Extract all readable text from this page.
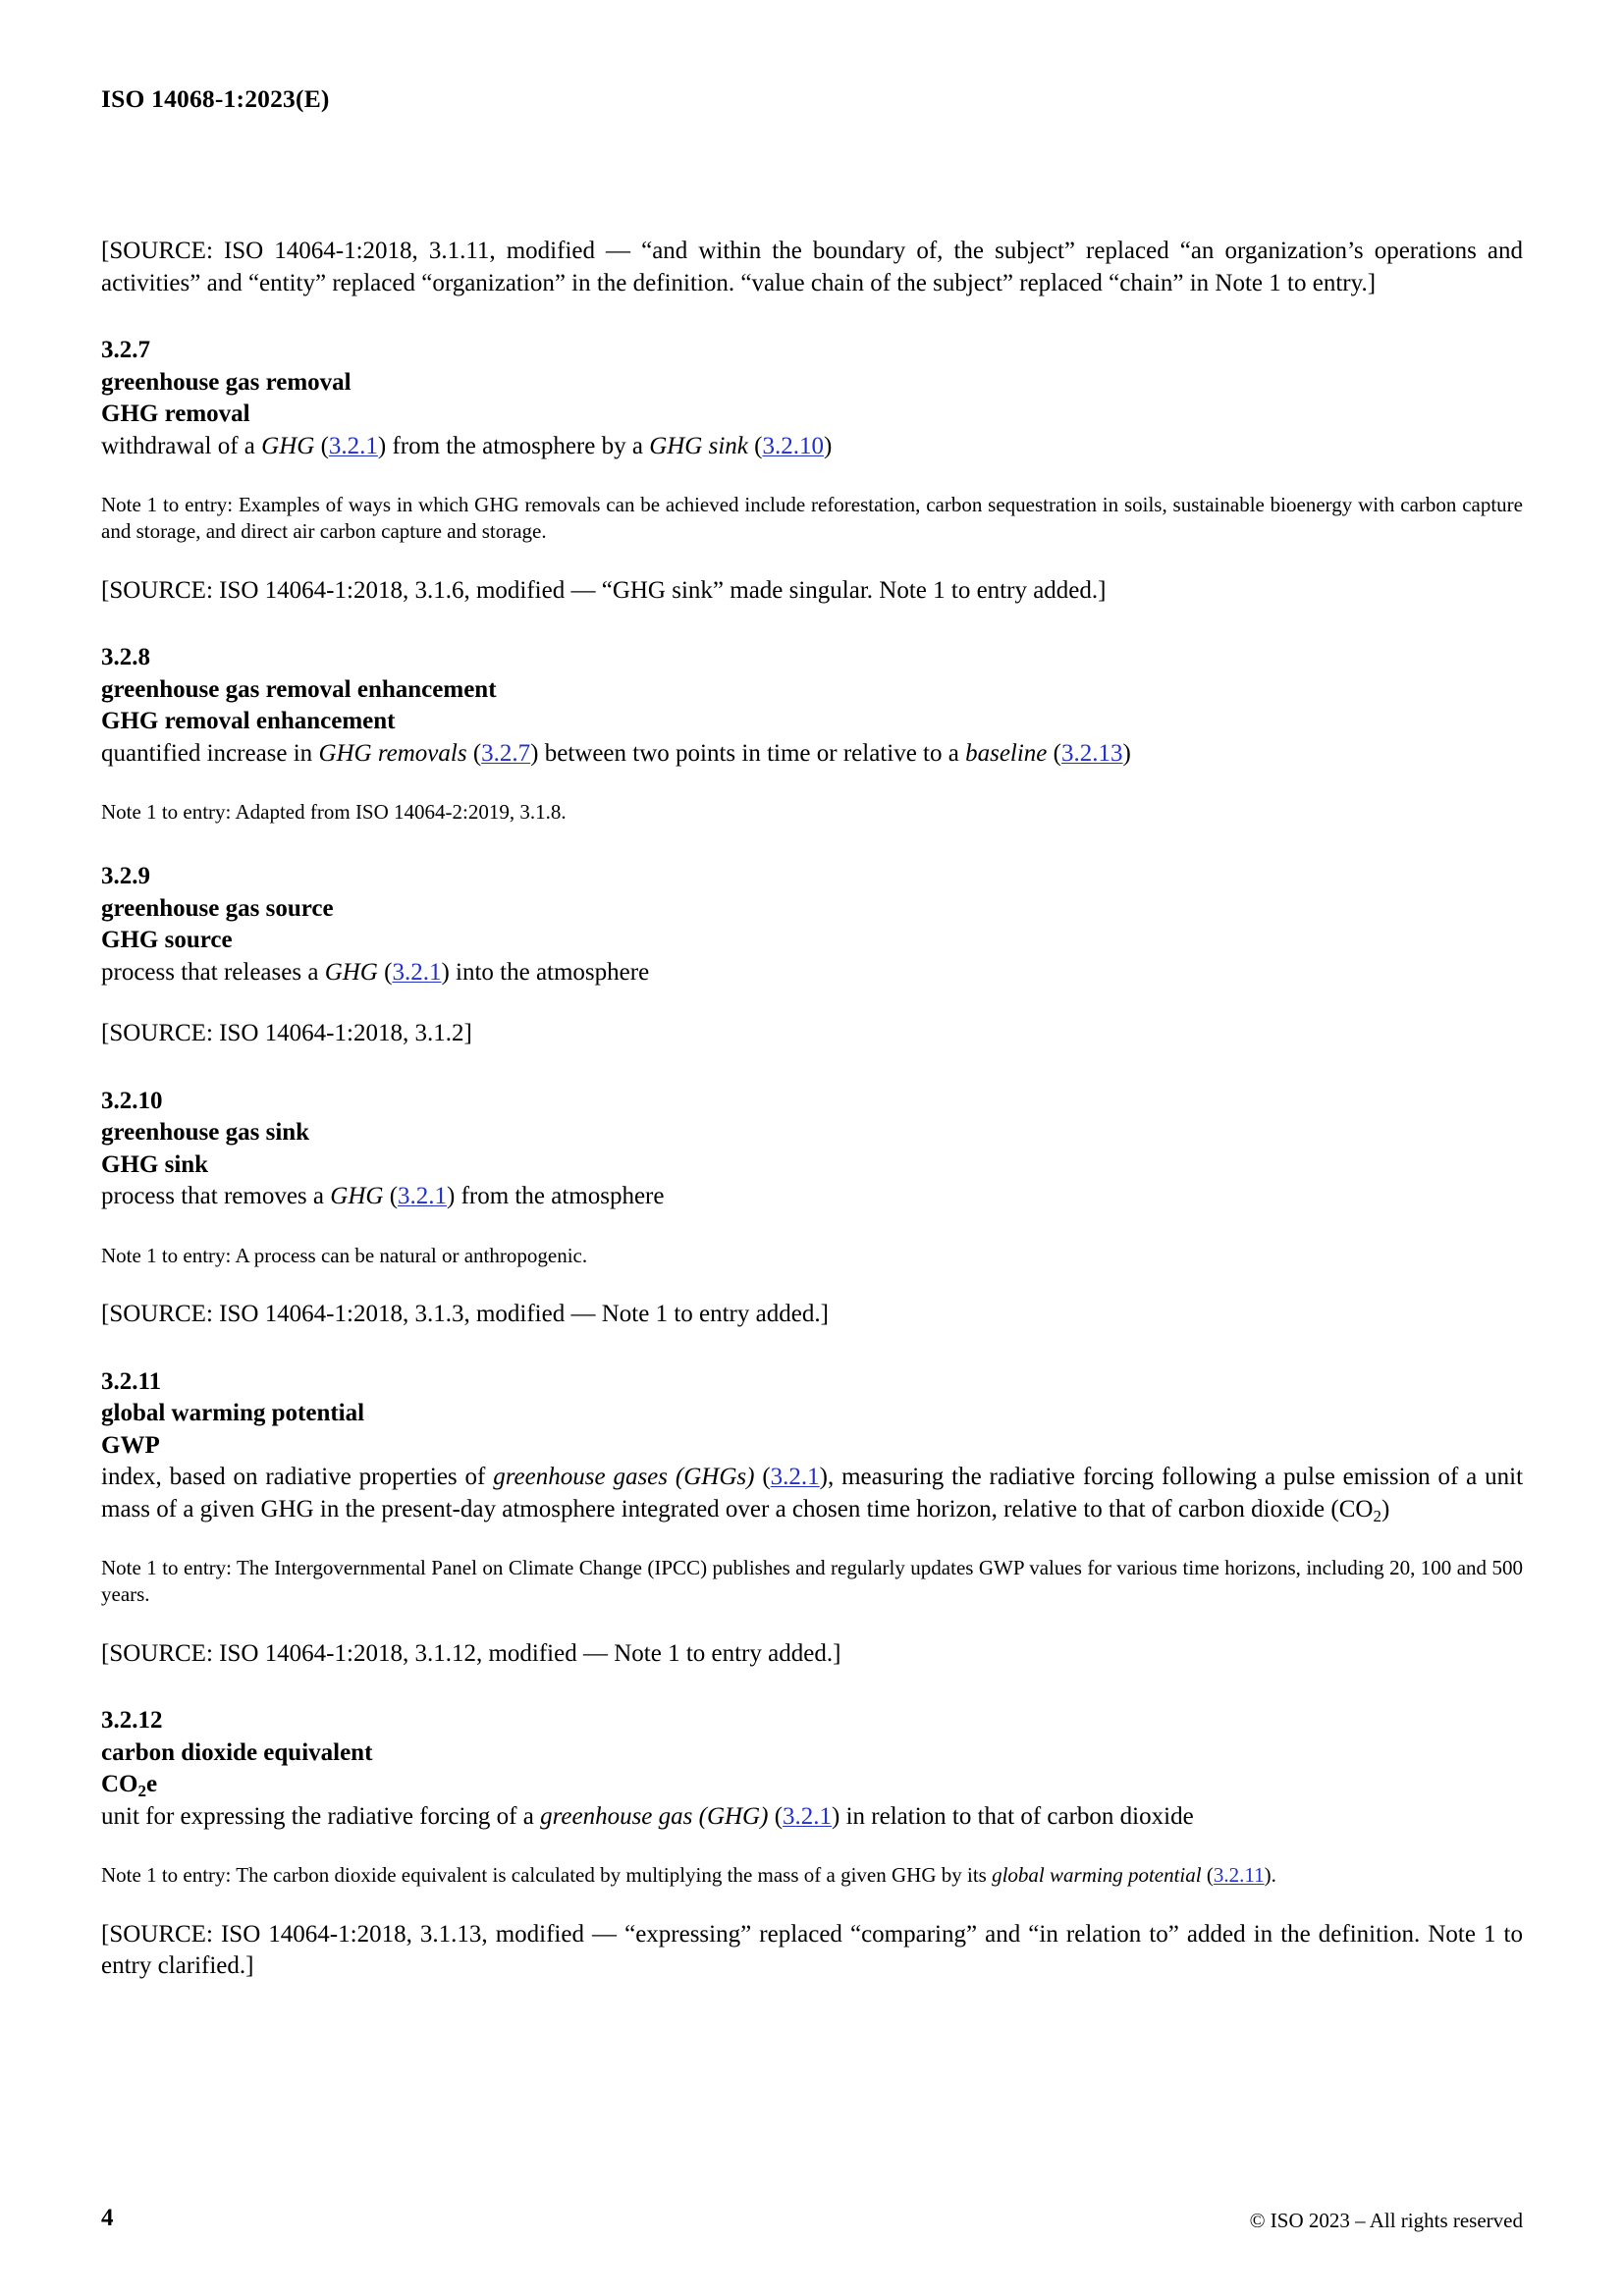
ISO 14068-1:2023(E)

[SOURCE: ISO 14064-1:2018, 3.1.11, modified — “and within the boundary of, the subject” replaced “an organization’s operations and activities” and “entity” replaced “organization” in the definition. “value chain of the subject” replaced “chain” in Note 1 to entry.]

3.2.7
greenhouse gas removal
GHG removal
withdrawal of a GHG (3.2.1) from the atmosphere by a GHG sink (3.2.10)

Note 1 to entry: Examples of ways in which GHG removals can be achieved include reforestation, carbon sequestration in soils, sustainable bioenergy with carbon capture and storage, and direct air carbon capture and storage.

[SOURCE: ISO 14064-1:2018, 3.1.6, modified — “GHG sink” made singular. Note 1 to entry added.]

3.2.8
greenhouse gas removal enhancement
GHG removal enhancement
quantified increase in GHG removals (3.2.7) between two points in time or relative to a baseline (3.2.13)

Note 1 to entry: Adapted from ISO 14064-2:2019, 3.1.8.

3.2.9
greenhouse gas source
GHG source
process that releases a GHG (3.2.1) into the atmosphere

[SOURCE: ISO 14064-1:2018, 3.1.2]

3.2.10
greenhouse gas sink
GHG sink
process that removes a GHG (3.2.1) from the atmosphere

Note 1 to entry: A process can be natural or anthropogenic.

[SOURCE: ISO 14064-1:2018, 3.1.3, modified — Note 1 to entry added.]

3.2.11
global warming potential
GWP
index, based on radiative properties of greenhouse gases (GHGs) (3.2.1), measuring the radiative forcing following a pulse emission of a unit mass of a given GHG in the present-day atmosphere integrated over a chosen time horizon, relative to that of carbon dioxide $(CO_2)$

Note 1 to entry: The Intergovernmental Panel on Climate Change (IPCC) publishes and regularly updates GWP values for various time horizons, including 20, 100 and 500 years.

[SOURCE: ISO 14064-1:2018, 3.1.12, modified — Note 1 to entry added.]

3.2.12
carbon dioxide equivalent
$CO_2e$
unit for expressing the radiative forcing of a greenhouse gas (GHG) (3.2.1) in relation to that of carbon dioxide

Note 1 to entry: The carbon dioxide equivalent is calculated by multiplying the mass of a given GHG by its global warming potential (3.2.11).

[SOURCE: ISO 14064-1:2018, 3.1.13, modified — “expressing” replaced “comparing” and “in relation to” added in the definition. Note 1 to entry clarified.]

4	© ISO 2023 – All rights reserved
